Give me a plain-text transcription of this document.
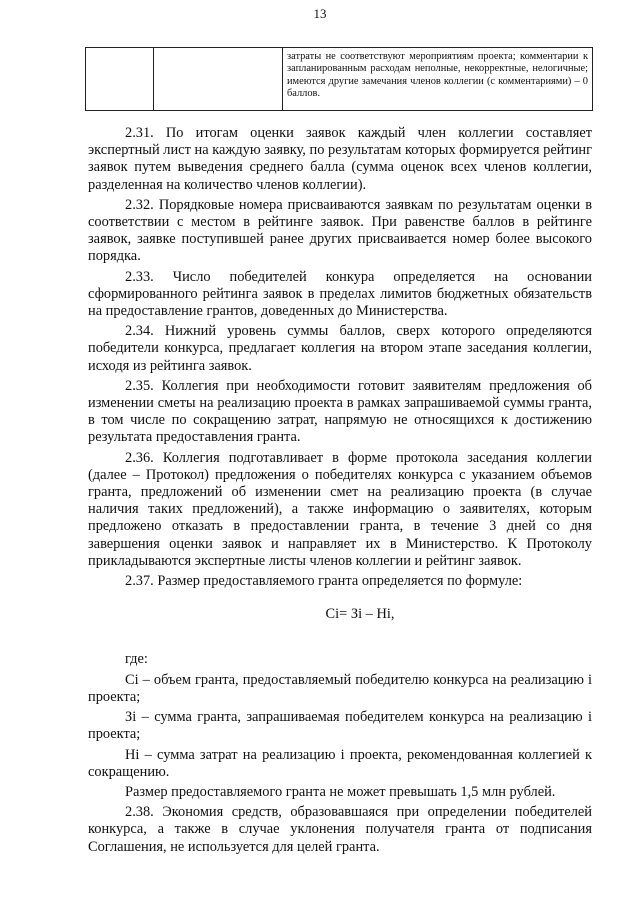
13
		затраты не соответствуют мероприятиям проекта; комментарии к запланированным расходам неполные, некорректные, нелогичные; имеются другие замечания членов коллегии (с комментариями) – 0 баллов.

2.31. По итогам оценки заявок каждый член коллегии составляет экспертный лист на каждую заявку, по результатам которых формируется рейтинг заявок путем выведения среднего балла (сумма оценок всех членов коллегии, разделенная на количество членов коллегии).

2.32. Порядковые номера присваиваются заявкам по результатам оценки в соответствии с местом в рейтинге заявок. При равенстве баллов в рейтинге заявок, заявке поступившей ранее других присваивается номер более высокого порядка.

2.33. Число победителей конкура определяется на основании сформированного рейтинга заявок в пределах лимитов бюджетных обязательств на предоставление грантов, доведенных до Министерства.

2.34. Нижний уровень суммы баллов, сверх которого определяются победители конкурса, предлагает коллегия на втором этапе заседания коллегии, исходя из рейтинга заявок.

2.35. Коллегия при необходимости готовит заявителям предложения об изменении сметы на реализацию проекта в рамках запрашиваемой суммы гранта, в том числе по сокращению затрат, напрямую не относящихся к достижению результата предоставления гранта.

2.36. Коллегия подготавливает в форме протокола заседания коллегии (далее – Протокол) предложения о победителях конкурса с указанием объемов гранта, предложений об изменении смет на реализацию проекта (в случае наличия таких предложений), а также информацию о заявителях, которым предложено отказать в предоставлении гранта, в течение 3 дней со дня завершения оценки заявок и направляет их в Министерство. К Протоколу прикладываются экспертные листы членов коллегии и рейтинг заявок.

2.37. Размер предоставляемого гранта определяется по формуле:

Ci= Зi – Hi,

где:

Ci – объем гранта, предоставляемый победителю конкурса на реализацию i проекта;

Зi – сумма гранта, запрашиваемая победителем конкурса на реализацию i проекта;

Hi – сумма затрат на реализацию i проекта, рекомендованная коллегией к сокращению.

Размер предоставляемого гранта не может превышать 1,5 млн рублей.

2.38. Экономия средств, образовавшаяся при определении победителей конкурса, а также в случае уклонения получателя гранта от подписания Соглашения, не используется для целей гранта.
